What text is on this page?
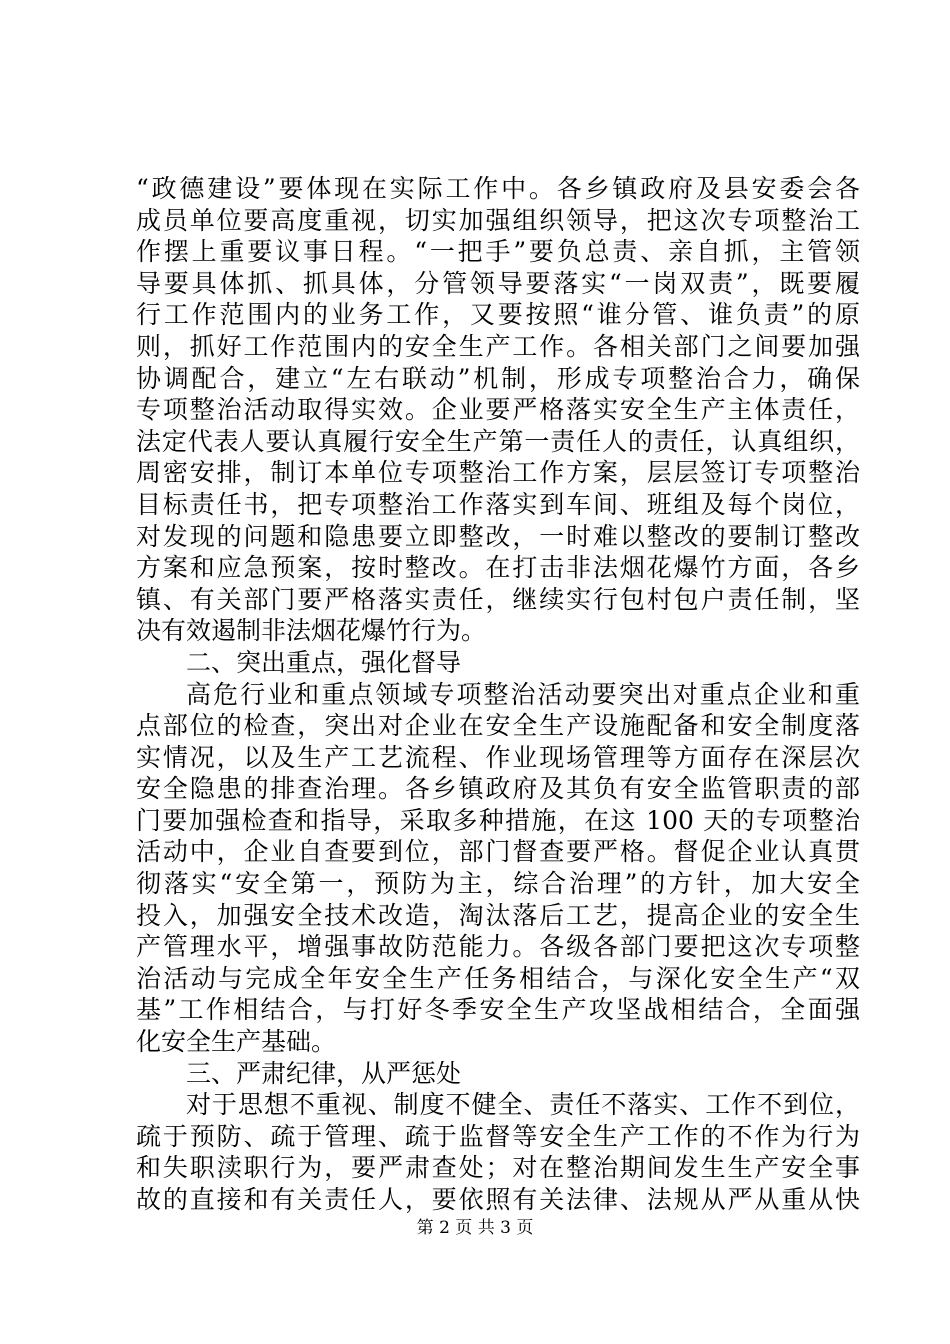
“政德建设”要体现在实际工作中。各乡镇政府及县安委会各
成员单位要高度重视，切实加强组织领导，把这次专项整治工
作摆上重要议事日程。“一把手”要负总责、亲自抓，主管领
导要具体抓、抓具体，分管领导要落实“一岗双责”，既要履
行工作范围内的业务工作，又要按照“谁分管、谁负责”的原
则，抓好工作范围内的安全生产工作。各相关部门之间要加强
协调配合，建立“左右联动”机制，形成专项整治合力，确保
专项整治活动取得实效。企业要严格落实安全生产主体责任，
法定代表人要认真履行安全生产第一责任人的责任，认真组织，
周密安排，制订本单位专项整治工作方案，层层签订专项整治
目标责任书，把专项整治工作落实到车间、班组及每个岗位，
对发现的问题和隐患要立即整改，一时难以整改的要制订整改
方案和应急预案，按时整改。在打击非法烟花爆竹方面，各乡
镇、有关部门要严格落实责任，继续实行包村包户责任制，坚
决有效遏制非法烟花爆竹行为。
二、突出重点，强化督导
高危行业和重点领域专项整治活动要突出对重点企业和重
点部位的检查，突出对企业在安全生产设施配备和安全制度落
实情况，以及生产工艺流程、作业现场管理等方面存在深层次
安全隐患的排查治理。各乡镇政府及其负有安全监管职责的部
门要加强检查和指导，采取多种措施，在这 100 天的专项整治
活动中，企业自查要到位，部门督查要严格。督促企业认真贯
彻落实“安全第一，预防为主，综合治理”的方针，加大安全
投入，加强安全技术改造，淘汰落后工艺，提高企业的安全生
产管理水平，增强事故防范能力。各级各部门要把这次专项整
治活动与完成全年安全生产任务相结合，与深化安全生产“双
基”工作相结合，与打好冬季安全生产攻坚战相结合，全面强
化安全生产基础。
三、严肃纪律，从严惩处
对于思想不重视、制度不健全、责任不落实、工作不到位，
疏于预防、疏于管理、疏于监督等安全生产工作的不作为行为
和失职渎职行为，要严肃查处；对在整治期间发生生产安全事
故的直接和有关责任人，要依照有关法律、法规从严从重从快
第 2 页 共 3 页
